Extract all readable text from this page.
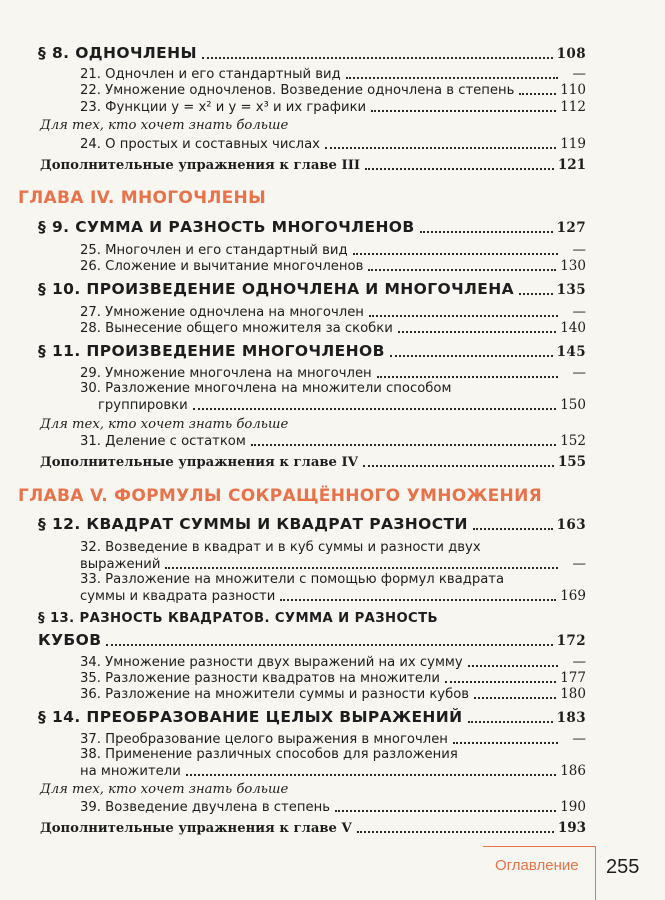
§ 8. ОДНОЧЛЕНЫ	108
21. Одночлен и его стандартный вид	—
22. Умножение одночленов. Возведение одночлена в степень	110
23. Функции y = x² и y = x³ и их графики	112
Для тех, кто хочет знать больше
24. О простых и составных числах	119
Дополнительные упражнения к главе III	121
ГЛАВА IV. МНОГОЧЛЕНЫ
§ 9. СУММА И РАЗНОСТЬ МНОГОЧЛЕНОВ	127
25. Многочлен и его стандартный вид	—
26. Сложение и вычитание многочленов	130
§ 10. ПРОИЗВЕДЕНИЕ ОДНОЧЛЕНА И МНОГОЧЛЕНА	135
27. Умножение одночлена на многочлен	—
28. Вынесение общего множителя за скобки	140
§ 11. ПРОИЗВЕДЕНИЕ МНОГОЧЛЕНОВ	145
29. Умножение многочлена на многочлен	—
30. Разложение многочлена на множители способом
группировки	150
Для тех, кто хочет знать больше
31. Деление с остатком	152
Дополнительные упражнения к главе IV	155
ГЛАВА V. ФОРМУЛЫ СОКРАЩЁННОГО УМНОЖЕНИЯ
§ 12. КВАДРАТ СУММЫ И КВАДРАТ РАЗНОСТИ	163
32. Возведение в квадрат и в куб суммы и разности двух
выражений	—
33. Разложение на множители с помощью формул квадрата
суммы и квадрата разности	169
§ 13. РАЗНОСТЬ КВАДРАТОВ. СУММА И РАЗНОСТЬ
КУБОВ	172
34. Умножение разности двух выражений на их сумму	—
35. Разложение разности квадратов на множители	177
36. Разложение на множители суммы и разности кубов	180
§ 14. ПРЕОБРАЗОВАНИЕ ЦЕЛЫХ ВЫРАЖЕНИЙ	183
37. Преобразование целого выражения в многочлен	—
38. Применение различных способов для разложения
на множители	186
Для тех, кто хочет знать больше
39. Возведение двучлена в степень	190
Дополнительные упражнения к главе V	193
Оглавление 255
